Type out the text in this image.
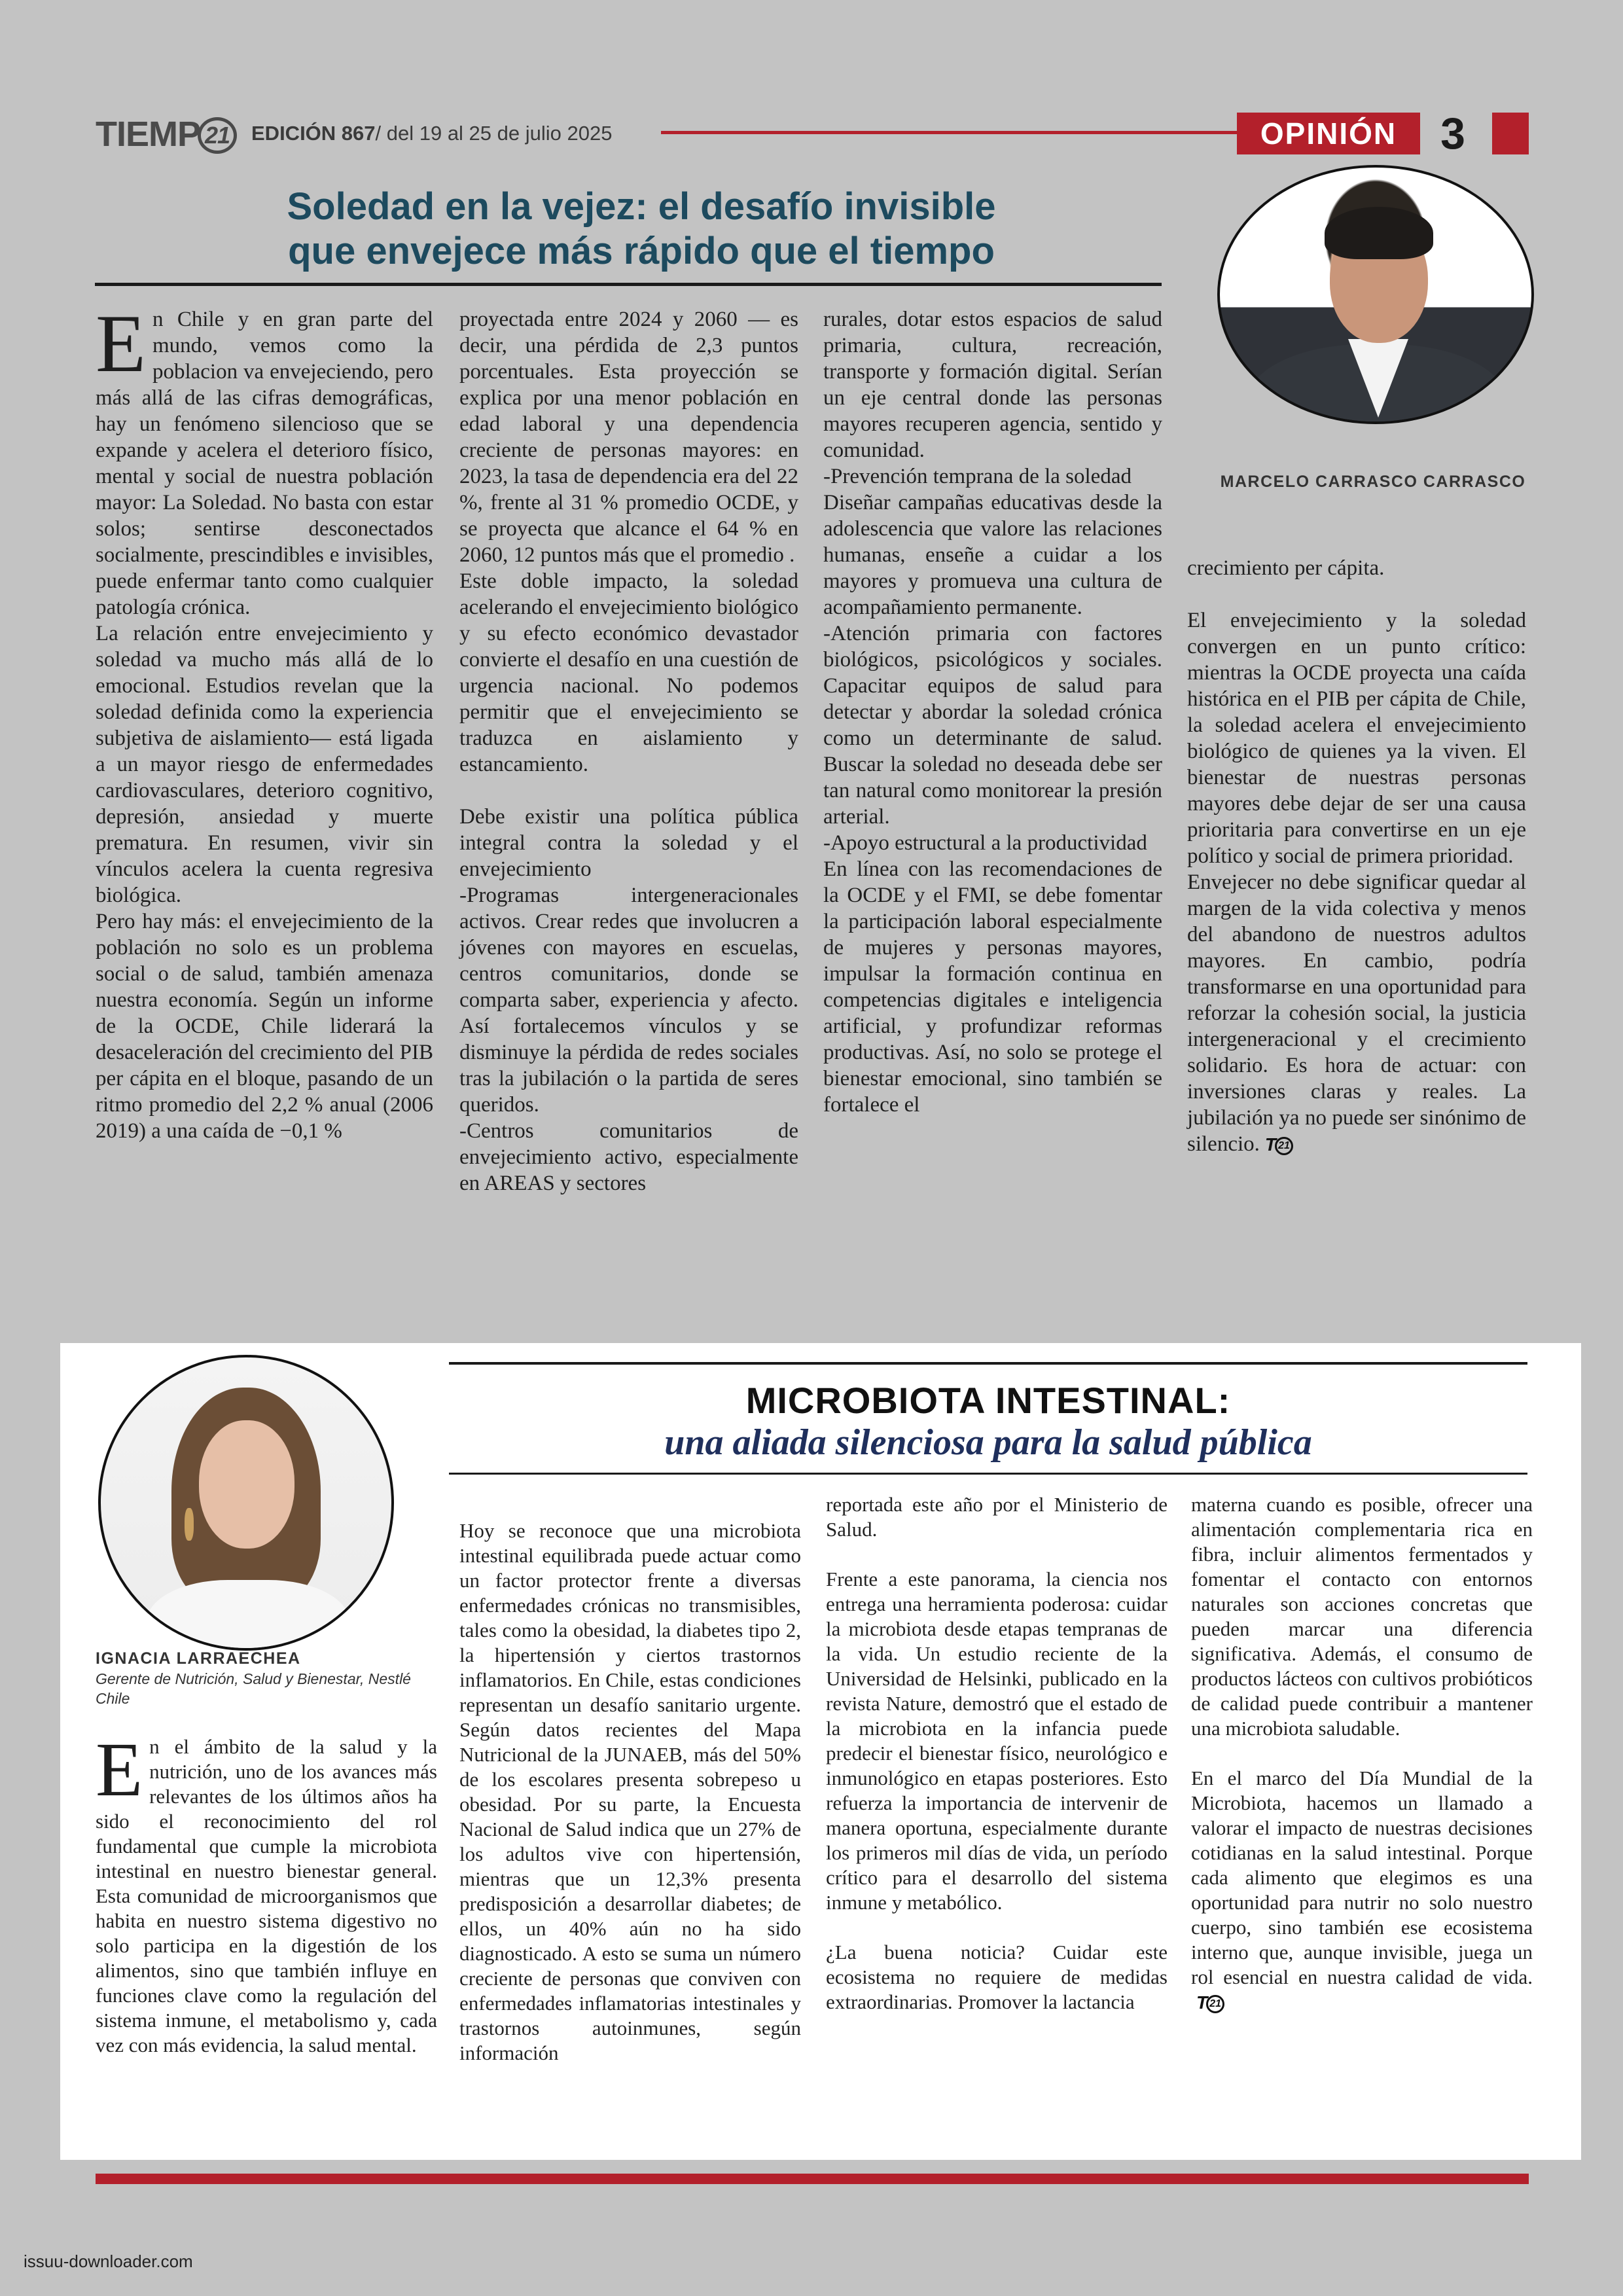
TIEMP 21	EDICIÓN 867/ del 19 al 25 de julio 2025	OPINIÓN 3
Soledad en la vejez: el desafío invisible
que envejece más rápido que el tiempo
MARCELO CARRASCO CARRASCO
E n Chile y en gran parte del mundo, vemos como la poblacion va envejeciendo, pero más allá de las cifras demográficas, hay un fenómeno silencioso que se expande y acelera el deterioro físico, mental y social de nuestra población mayor: La Soledad. No basta con estar solos; sentirse desconectados socialmente, prescindibles e invisibles, puede enfermar tanto como cualquier patología crónica.

La relación entre envejecimiento y soledad va mucho más allá de lo emocional. Estudios revelan que la soledad definida como la experiencia subjetiva de aislamiento— está ligada a un mayor riesgo de enfermedades cardiovasculares, deterioro cognitivo, depresión, ansiedad y muerte prematura. En resumen, vivir sin vínculos acelera la cuenta regresiva biológica.
Pero hay más: el envejecimiento de la población no solo es un problema social o de salud, también amenaza nuestra economía. Según un informe de la OCDE, Chile liderará la desaceleración del crecimiento del PIB per cápita en el bloque, pasando de un ritmo promedio del 2,2 % anual (2006 2019) a una caída de −0,1 %

proyectada entre 2024 y 2060 — es decir, una pérdida de 2,3 puntos porcentuales. Esta proyección se explica por una menor población en edad laboral y una dependencia creciente de personas mayores: en 2023, la tasa de dependencia era del 22 %, frente al 31 % promedio OCDE, y se proyecta que alcance el 64 % en 2060, 12 puntos más que el promedio .
Este doble impacto, la soledad acelerando el envejecimiento biológico y su efecto económico devastador convierte el desafío en una cuestión de urgencia nacional. No podemos permitir que el envejecimiento se traduzca en aislamiento y estancamiento.

Debe existir una política pública integral contra la soledad y el envejecimiento
-Programas intergeneracionales activos. Crear redes que involucren a jóvenes con mayores en escuelas, centros comunitarios, donde se comparta saber, experiencia y afecto. Así fortalecemos vínculos y se disminuye la pérdida de redes sociales tras la jubilación o la partida de seres queridos.
-Centros comunitarios de envejecimiento activo, especialmente en AREAS y sectores

rurales, dotar estos espacios de salud primaria, cultura, recreación, transporte y formación digital. Serían un eje central donde las personas mayores recuperen agencia, sentido y comunidad.
-Prevención temprana de la soledad
Diseñar campañas educativas desde la adolescencia que valore las relaciones humanas, enseñe a cuidar a los mayores y promueva una cultura de acompañamiento permanente.
-Atención primaria con factores biológicos, psicológicos y sociales. Capacitar equipos de salud para detectar y abordar la soledad crónica como un determinante de salud. Buscar la soledad no deseada debe ser tan natural como monitorear la presión arterial.
-Apoyo estructural a la productividad
En línea con las recomendaciones de la OCDE y el FMI, se debe fomentar la participación laboral especialmente de mujeres y personas mayores, impulsar la formación continua en competencias digitales e inteligencia artificial, y profundizar reformas productivas. Así, no solo se protege el bienestar emocional, sino también se fortalece el

crecimiento per cápita.

El envejecimiento y la soledad convergen en un punto crítico: mientras la OCDE proyecta una caída histórica en el PIB per cápita de Chile, la soledad acelera el envejecimiento biológico de quienes ya la viven. El bienestar de nuestras personas mayores debe dejar de ser una causa prioritaria para convertirse en un eje político y social de primera prioridad.
Envejecer no debe significar quedar al margen de la vida colectiva y menos del abandono de nuestros adultos mayores. En cambio, podría transformarse en una oportunidad para reforzar la cohesión social, la justicia intergeneracional y el crecimiento solidario. Es hora de actuar: con inversiones claras y reales. La jubilación ya no puede ser sinónimo de silencio. T 21
MICROBIOTA INTESTINAL:
una aliada silenciosa para la salud pública
IGNACIA LARRAECHEA
Gerente de Nutrición, Salud y Bienestar, Nestlé Chile
E n el ámbito de la salud y la nutrición, uno de los avances más relevantes de los últimos años ha sido el reconocimiento del rol fundamental que cumple la microbiota intestinal en nuestro bienestar general. Esta comunidad de microorganismos que habita en nuestro sistema digestivo no solo participa en la digestión de los alimentos, sino que también influye en funciones clave como la regulación del sistema inmune, el metabolismo y, cada vez con más evidencia, la salud mental.

Hoy se reconoce que una microbiota intestinal equilibrada puede actuar como un factor protector frente a diversas enfermedades crónicas no transmisibles, tales como la obesidad, la diabetes tipo 2, la hipertensión y ciertos trastornos inflamatorios. En Chile, estas condiciones representan un desafío sanitario urgente. Según datos recientes del Mapa Nutricional de la JUNAEB, más del 50% de los escolares presenta sobrepeso u obesidad. Por su parte, la Encuesta Nacional de Salud indica que un 27% de los adultos vive con hipertensión, mientras que un 12,3% presenta predisposición a desarrollar diabetes; de ellos, un 40% aún no ha sido diagnosticado. A esto se suma un número creciente de personas que conviven con enfermedades inflamatorias intestinales y trastornos autoinmunes, según información

reportada este año por el Ministerio de Salud.

Frente a este panorama, la ciencia nos entrega una herramienta poderosa: cuidar la microbiota desde etapas tempranas de la vida. Un estudio reciente de la Universidad de Helsinki, publicado en la revista Nature, demostró que el estado de la microbiota en la infancia puede predecir el bienestar físico, neurológico e inmunológico en etapas posteriores. Esto refuerza la importancia de intervenir de manera oportuna, especialmente durante los primeros mil días de vida, un período crítico para el desarrollo del sistema inmune y metabólico.

¿La buena noticia? Cuidar este ecosistema no requiere de medidas extraordinarias. Promover la lactancia

materna cuando es posible, ofrecer una alimentación complementaria rica en fibra, incluir alimentos fermentados y fomentar el contacto con entornos naturales son acciones concretas que pueden marcar una diferencia significativa. Además, el consumo de productos lácteos con cultivos probióticos de calidad puede contribuir a mantener una microbiota saludable.

En el marco del Día Mundial de la Microbiota, hacemos un llamado a valorar el impacto de nuestras decisiones cotidianas en la salud intestinal. Porque cada alimento que elegimos es una oportunidad para nutrir no solo nuestro cuerpo, sino también ese ecosistema interno que, aunque invisible, juega un rol esencial en nuestra calidad de vida.

T 21
issuu-downloader.com
